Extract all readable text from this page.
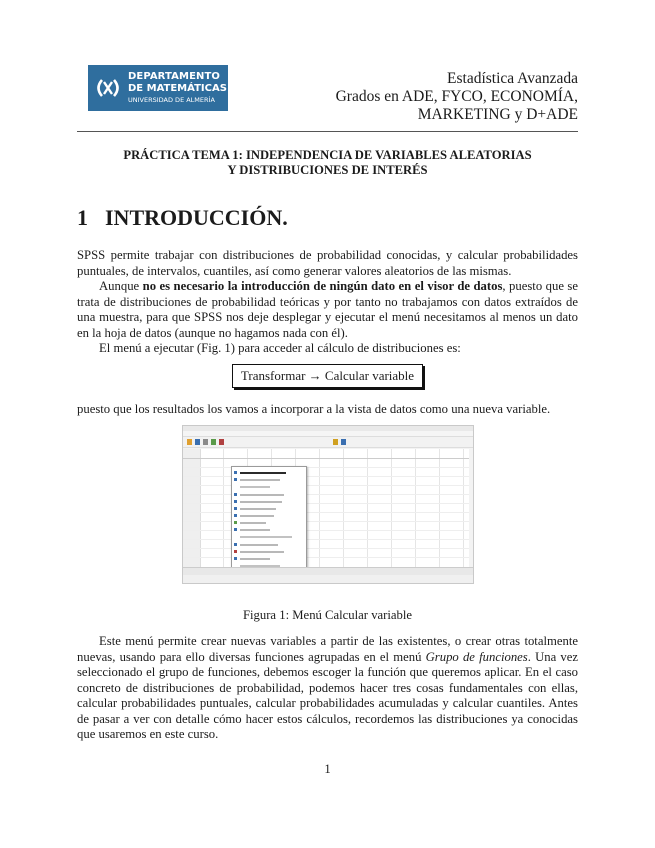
DEPARTAMENTO
DE MATEMÁTICAS
UNIVERSIDAD DE ALMERÍA
Estadística Avanzada
Grados en ADE, FYCO, ECONOMÍA,
MARKETING y D+ADE
PRÁCTICA TEMA 1: INDEPENDENCIA DE VARIABLES ALEATORIAS
Y DISTRIBUCIONES DE INTERÉS
1 INTRODUCCIÓN.

SPSS permite trabajar con distribuciones de probabilidad conocidas, y calcular probabilidades puntuales, de intervalos, cuantiles, así como generar valores aleatorios de las mismas.

Aunque no es necesario la introducción de ningún dato en el visor de datos, puesto que se trata de distribuciones de probabilidad teóricas y por tanto no trabajamos con datos extraídos de una muestra, para que SPSS nos deje desplegar y ejecutar el menú necesitamos al menos un dato en la hoja de datos (aunque no hagamos nada con él).

El menú a ejecutar (Fig. 1) para acceder al cálculo de distribuciones es:

Transformar → Calcular variable

puesto que los resultados los vamos a incorporar a la vista de datos como una nueva variable.

Figura 1: Menú Calcular variable

Este menú permite crear nuevas variables a partir de las existentes, o crear otras totalmente nuevas, usando para ello diversas funciones agrupadas en el menú Grupo de funciones. Una vez seleccionado el grupo de funciones, debemos escoger la función que queremos aplicar. En el caso concreto de distribuciones de probabilidad, podemos hacer tres cosas fundamentales con ellas, calcular probabilidades puntuales, calcular probabilidades acumuladas y calcular cuantiles. Antes de pasar a ver con detalle cómo hacer estos cálculos, recordemos las distribuciones ya conocidas que usaremos en este curso.

1
